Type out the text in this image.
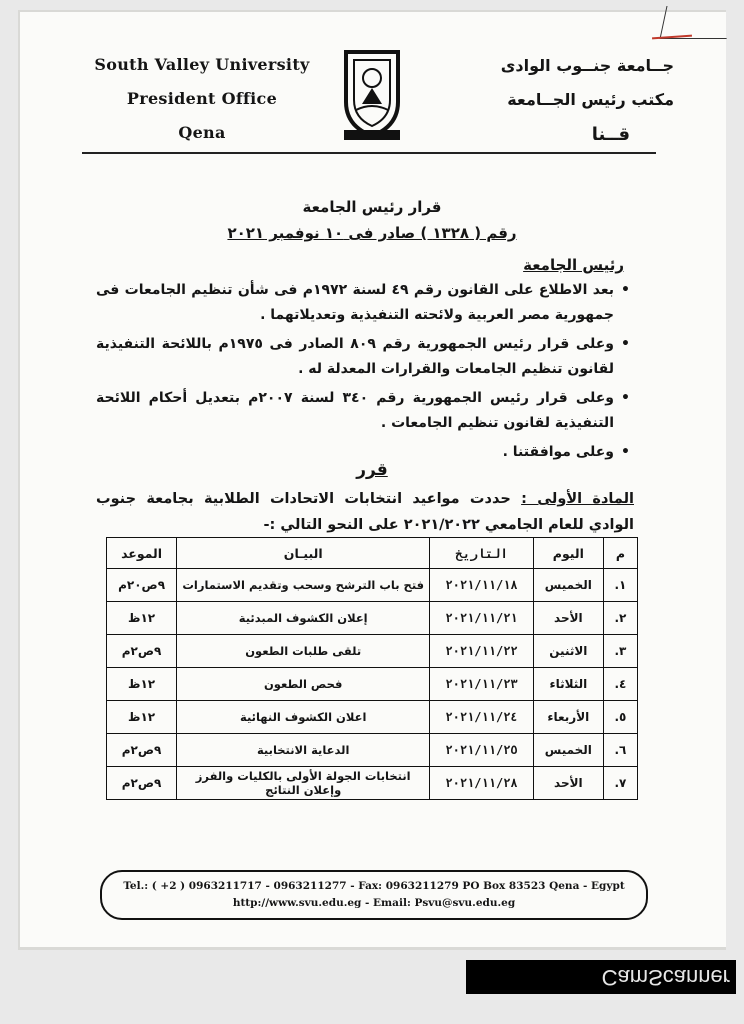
South Valley University
President Office
Qena
جــامعة جنــوب الوادى
مكتب رئيس الجــامعة
قــنا
قرار رئيس الجامعة
رقم ( ١٣٢٨ ) صادر فى ١٠ نوفمبر ٢٠٢١
رئيس الجامعة
• بعد الاطلاع على القانون رقم ٤٩ لسنة ١٩٧٢م فى شأن تنظيم الجامعات فى جمهورية مصر العربية ولائحته التنفيذية وتعديلاتهما .
• وعلى قرار رئيس الجمهورية رقم ٨٠٩ الصادر فى ١٩٧٥م باللائحة التنفيذية لقانون تنظيم الجامعات والقرارات المعدلة له .
• وعلى قرار رئيس الجمهورية رقم ٣٤٠ لسنة ٢٠٠٧م بتعديل أحكام اللائحة التنفيذية لقانون تنظيم الجامعات .
• وعلى موافقتنا .
قرر
المادة الأولى : حددت مواعيد انتخابات الاتحادات الطلابية بجامعة جنوب الوادي للعام الجامعي ٢٠٢١/٢٠٢٢ على النحو التالي :-
م	اليوم	التاريخ	البيـان	الموعد
١.	الخميس	٢٠٢١/١١/١٨	فتح باب الترشح وسحب وتقديم الاستمارات	٩ص٢٠م
٢.	الأحد	٢٠٢١/١١/٢١	إعلان الكشوف المبدئية	١٢ظ
٣.	الاثنين	٢٠٢١/١١/٢٢	تلقى طلبات الطعون	٩ص٢م
٤.	الثلاثاء	٢٠٢١/١١/٢٣	فحص الطعون	١٢ظ
٥.	الأربعاء	٢٠٢١/١١/٢٤	اعلان الكشوف النهائية	١٢ظ
٦.	الخميس	٢٠٢١/١١/٢٥	الدعاية الانتخابية	٩ص٢م
٧.	الأحد	٢٠٢١/١١/٢٨	انتخابات الجولة الأولى بالكليات والفرز وإعلان النتائج	٩ص٢م
Tel.: ( +2 ) 0963211717 - 0963211277 - Fax: 0963211279 PO Box 83523 Qena - Egypt
http://www.svu.edu.eg - Email: Psvu@svu.edu.eg
CamScanner
